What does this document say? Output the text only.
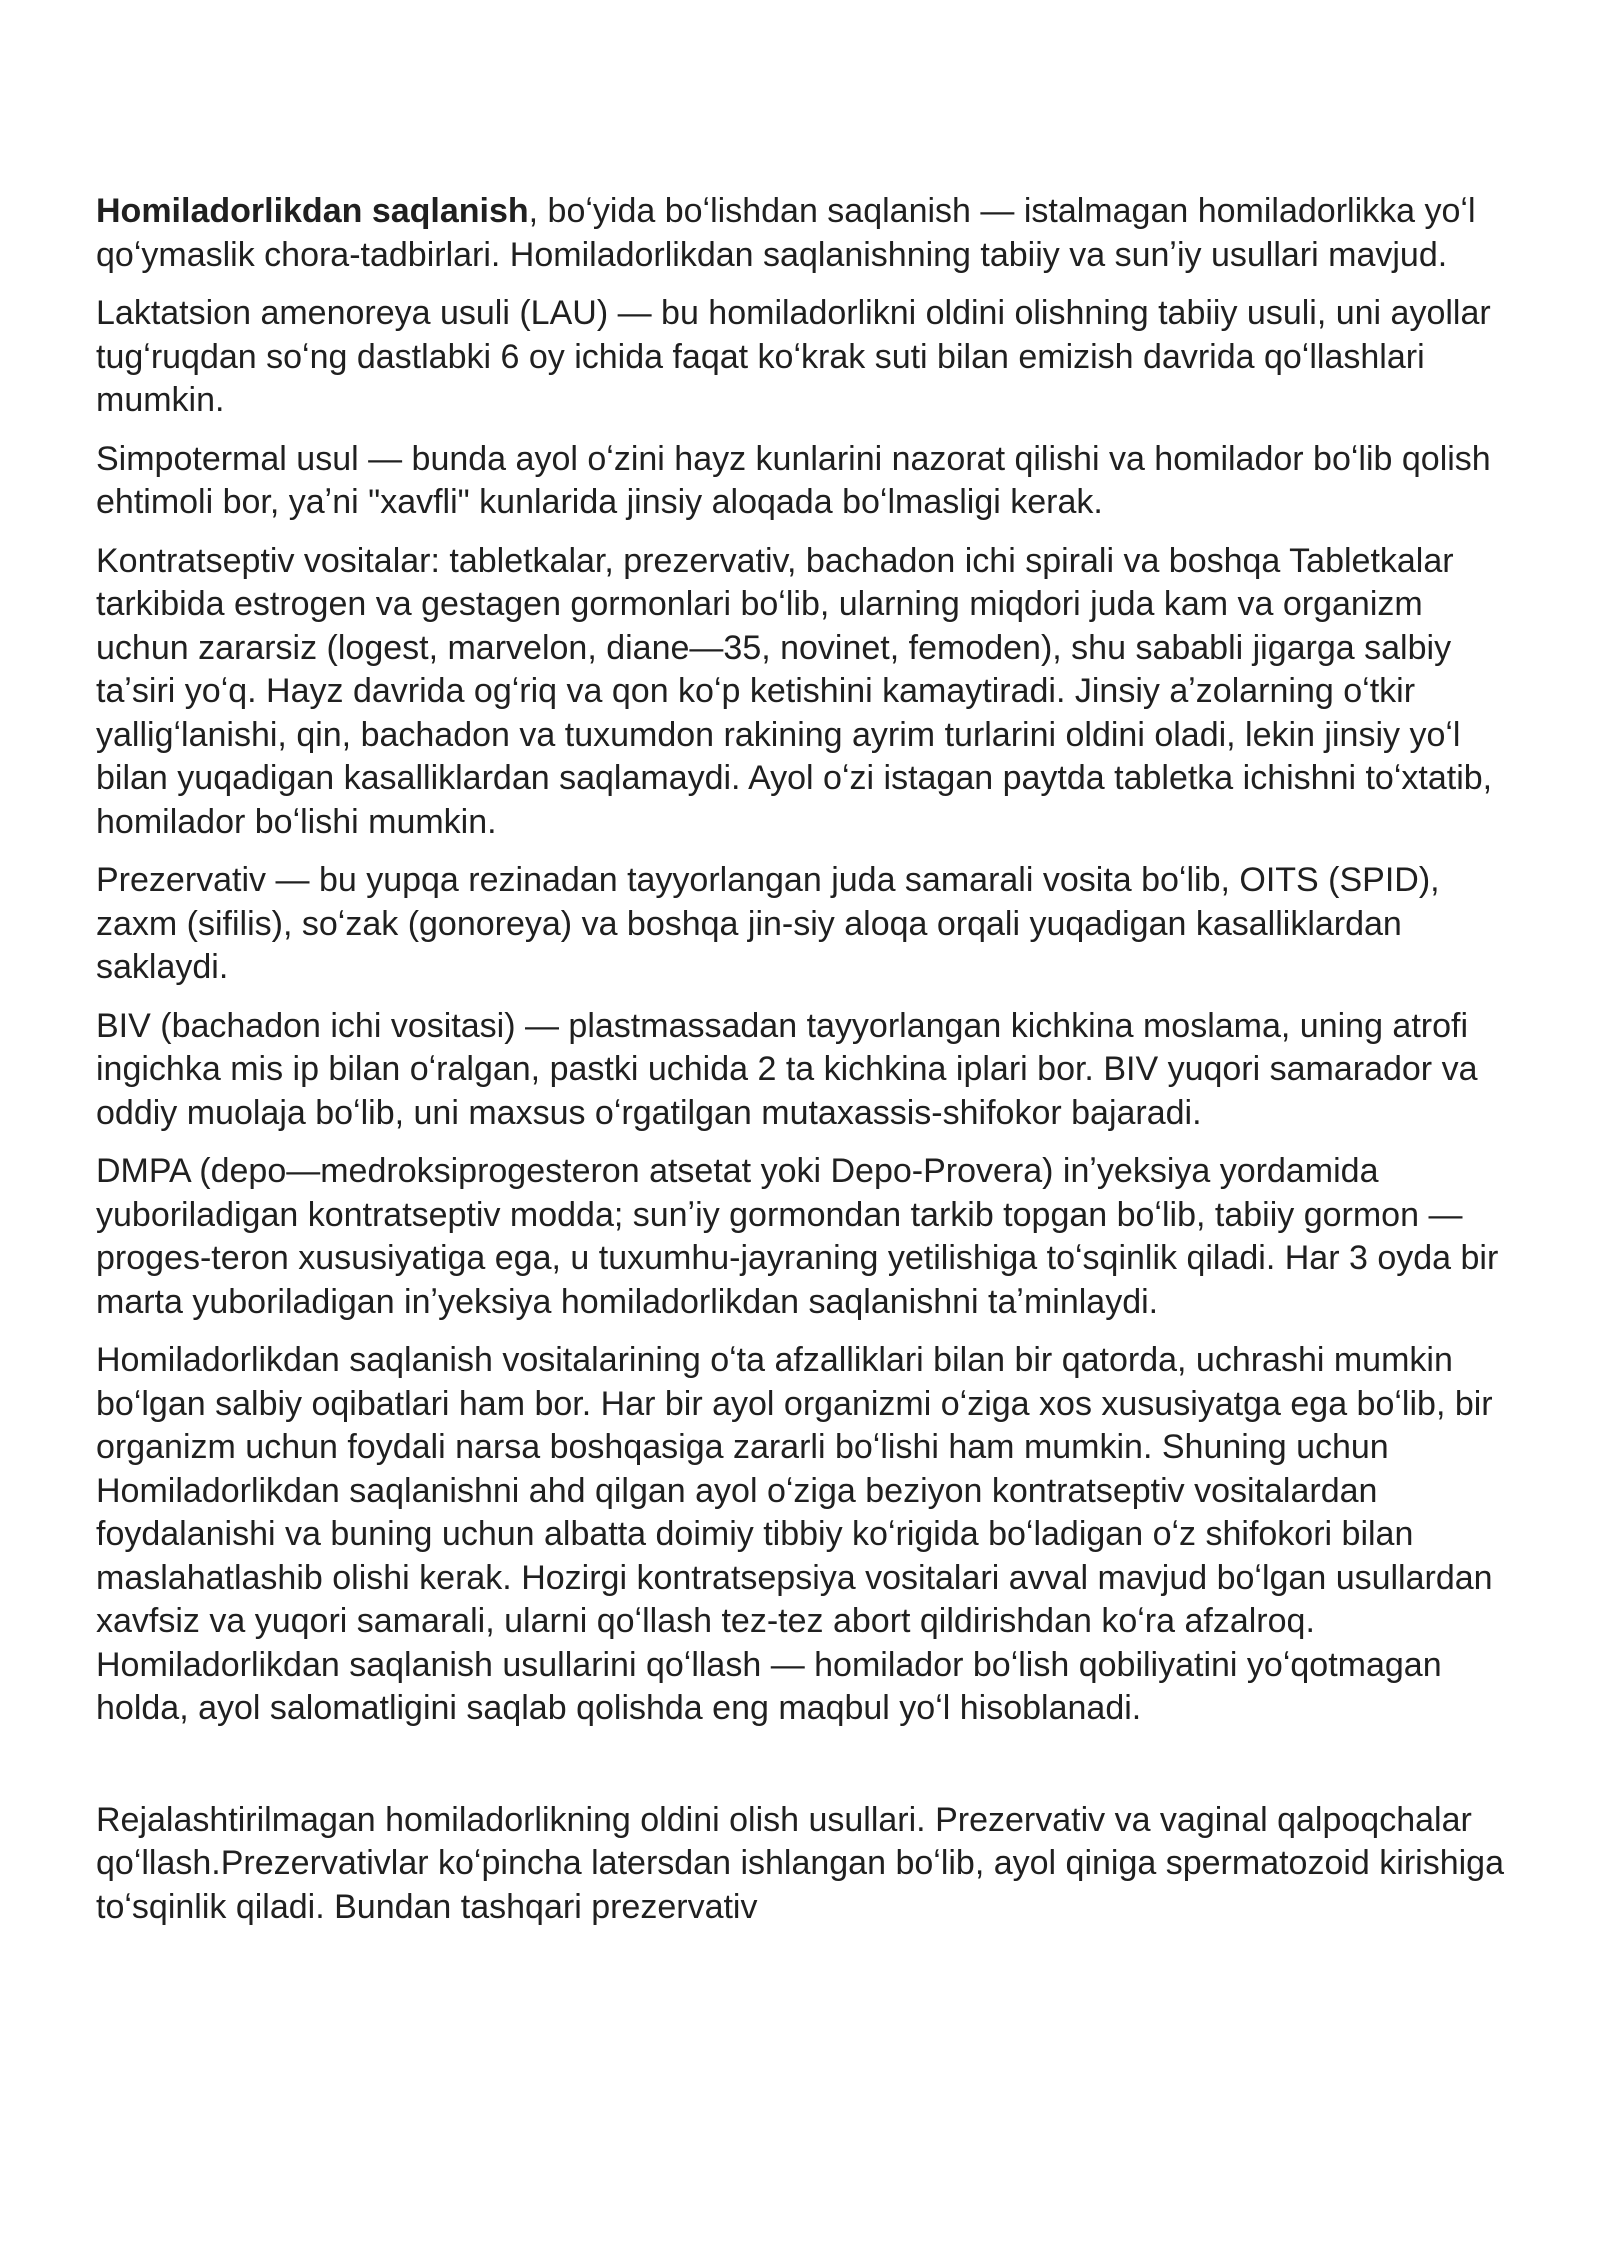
Homiladorlikdan saqlanish, boʻyida boʻlishdan saqlanish — istalmagan homiladorlikka yoʻl qoʻymaslik chora-tadbirlari. Homiladorlikdan saqlanishning tabiiy va sunʼiy usullari mavjud.

Laktatsion amenoreya usuli (LAU) — bu homiladorlikni oldini olishning tabiiy usuli, uni ayollar tugʻruqdan soʻng dastlabki 6 oy ichida faqat koʻkrak suti bilan emizish davrida qoʻllashlari mumkin.

Simpotermal usul — bunda ayol oʻzini hayz kunlarini nazorat qilishi va homilador boʻlib qolish ehtimoli bor, yaʼni "xavfli" kunlarida jinsiy aloqada boʻlmasligi kerak.

Kontratseptiv vositalar: tabletkalar, prezervativ, bachadon ichi spirali va boshqa Tabletkalar tarkibida estrogen va gestagen gormonlari boʻlib, ularning miqdori juda kam va organizm uchun zararsiz (logest, marvelon, diane—35, novinet, femoden), shu sababli jigarga salbiy taʼsiri yoʻq. Hayz davrida ogʻriq va qon koʻp ketishini kamaytiradi. Jinsiy aʼzolarning oʻtkir yalligʻlanishi, qin, bachadon va tuxumdon rakining ayrim turlarini oldini oladi, lekin jinsiy yoʻl bilan yuqadigan kasalliklardan saqlamaydi. Ayol oʻzi istagan paytda tabletka ichishni toʻxtatib, homilador boʻlishi mumkin.

Prezervativ — bu yupqa rezinadan tayyorlangan juda samarali vosita boʻlib, OITS (SPID), zaxm (sifilis), soʻzak (gonoreya) va boshqa jin-siy aloqa orqali yuqadigan kasalliklardan saklaydi.

BIV (bachadon ichi vositasi) — plastmassadan tayyorlangan kichkina moslama, uning atrofi ingichka mis ip bilan oʻralgan, pastki uchida 2 ta kichkina iplari bor. BIV yuqori samarador va oddiy muolaja boʻlib, uni maxsus oʻrgatilgan mutaxassis-shifokor bajaradi.

DMPA (depo—medroksiprogesteron atsetat yoki Depo-Provera) inʼyeksiya yordamida yuboriladigan kontratseptiv modda; sunʼiy gormondan tarkib topgan boʻlib, tabiiy gormon — proges-teron xususiyatiga ega, u tuxumhu-jayraning yetilishiga toʻsqinlik qiladi. Har 3 oyda bir marta yuboriladigan inʼyeksiya homiladorlikdan saqlanishni taʼminlaydi.

Homiladorlikdan saqlanish vositalarining oʻta afzalliklari bilan bir qatorda, uchrashi mumkin boʻlgan salbiy oqibatlari ham bor. Har bir ayol organizmi oʻziga xos xususiyatga ega boʻlib, bir organizm uchun foydali narsa boshqasiga zararli boʻlishi ham mumkin. Shuning uchun Homiladorlikdan saqlanishni ahd qilgan ayol oʻziga beziyon kontratseptiv vositalardan foydalanishi va buning uchun albatta doimiy tibbiy koʻrigida boʻladigan oʻz shifokori bilan maslahatlashib olishi kerak. Hozirgi kontratsepsiya vositalari avval mavjud boʻlgan usullardan xavfsiz va yuqori samarali, ularni qoʻllash tez-tez abort qildirishdan koʻra afzalroq. Homiladorlikdan saqlanish usullarini qoʻllash — homilador boʻlish qobiliyatini yoʻqotmagan holda, ayol salomatligini saqlab qolishda eng maqbul yoʻl hisoblanadi.

Rejalashtirilmagan homiladorlikning oldini olish usullari. Prezervativ va vaginal qalpoqchalar qoʻllash.Prezervativlar koʻpincha latersdan ishlangan boʻlib, ayol qiniga spermatozoid kirishiga toʻsqinlik qiladi. Bundan tashqari prezervativ
